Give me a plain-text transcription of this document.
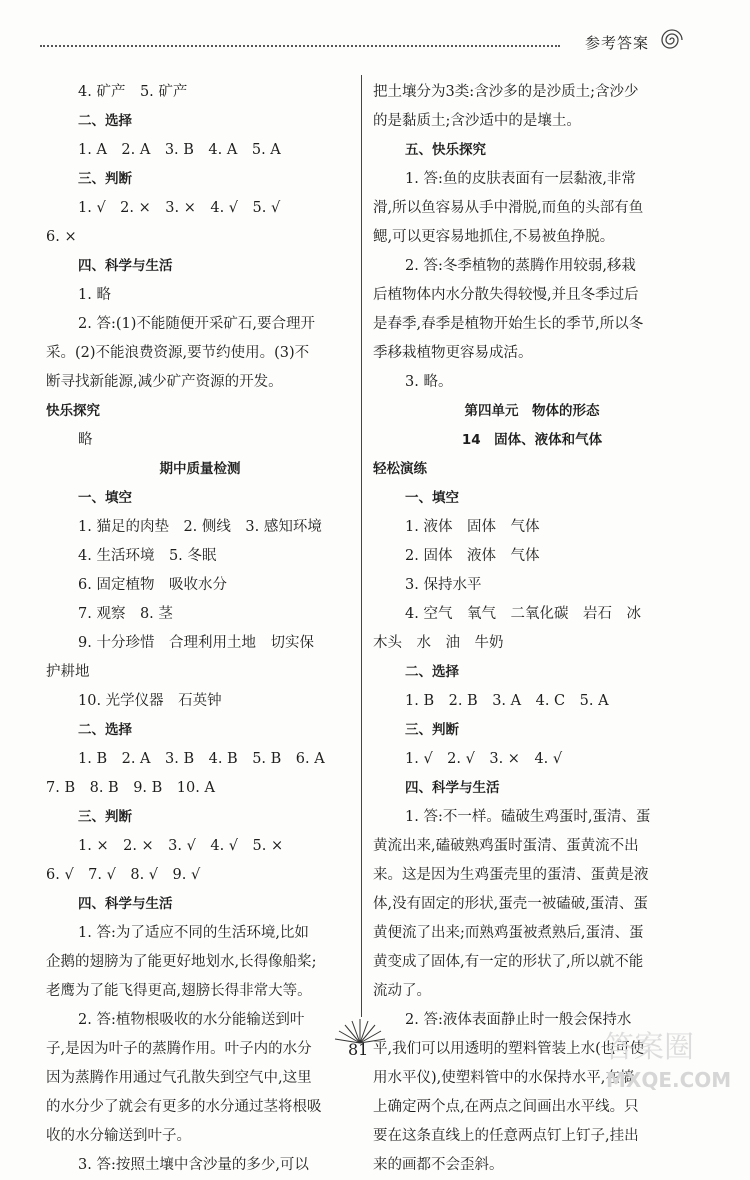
参考答案
4. 矿产　5. 矿产
二、选择
1. A　2. A　3. B　4. A　5. A
三、判断
1. √　2. ×　3. ×　4. √　5. √
6. ×
四、科学与生活
1. 略
2. 答:(1)不能随便开采矿石,要合理开
采。(2)不能浪费资源,要节约使用。(3)不
断寻找新能源,减少矿产资源的开发。
快乐探究
略
期中质量检测
一、填空
1. 猫足的肉垫　2. 侧线　3. 感知环境
4. 生活环境　5. 冬眠
6. 固定植物　吸收水分
7. 观察　8. 茎
9. 十分珍惜　合理利用土地　切实保
护耕地
10. 光学仪器　石英钟
二、选择
1. B　2. A　3. B　4. B　5. B　6. A
7. B　8. B　9. B　10. A
三、判断
1. ×　2. ×　3. √　4. √　5. ×
6. √　7. √　8. √　9. √
四、科学与生活
1. 答:为了适应不同的生活环境,比如
企鹅的翅膀为了能更好地划水,长得像船桨;
老鹰为了能飞得更高,翅膀长得非常大等。
2. 答:植物根吸收的水分能输送到叶
子,是因为叶子的蒸腾作用。叶子内的水分
因为蒸腾作用通过气孔散失到空气中,这里
的水分少了就会有更多的水分通过茎将根吸
收的水分输送到叶子。
3. 答:按照土壤中含沙量的多少,可以
把土壤分为3类:含沙多的是沙质土;含沙少
的是黏质土;含沙适中的是壤土。
五、快乐探究
1. 答:鱼的皮肤表面有一层黏液,非常
滑,所以鱼容易从手中滑脱,而鱼的头部有鱼
鳃,可以更容易地抓住,不易被鱼挣脱。
2. 答:冬季植物的蒸腾作用较弱,移栽
后植物体内水分散失得较慢,并且冬季过后
是春季,春季是植物开始生长的季节,所以冬
季移栽植物更容易成活。
3. 略。
第四单元　物体的形态
14　固体、液体和气体
轻松演练
一、填空
1. 液体　固体　气体
2. 固体　液体　气体
3. 保持水平
4. 空气　氧气　二氧化碳　岩石　冰
木头　水　油　牛奶
二、选择
1. B　2. B　3. A　4. C　5. A
三、判断
1. √　2. √　3. ×　4. √
四、科学与生活
1. 答:不一样。磕破生鸡蛋时,蛋清、蛋
黄流出来,磕破熟鸡蛋时蛋清、蛋黄流不出
来。这是因为生鸡蛋壳里的蛋清、蛋黄是液
体,没有固定的形状,蛋壳一被磕破,蛋清、蛋
黄便流了出来;而熟鸡蛋被煮熟后,蛋清、蛋
黄变成了固体,有一定的形状了,所以就不能
流动了。
2. 答:液体表面静止时一般会保持水
平,我们可以用透明的塑料管装上水(也可使
用水平仪),使塑料管中的水保持水平,在墙
上确定两个点,在两点之间画出水平线。只
要在这条直线上的任意两点钉上钉子,挂出
来的画都不会歪斜。
81	答案圈
MXQE.COM
